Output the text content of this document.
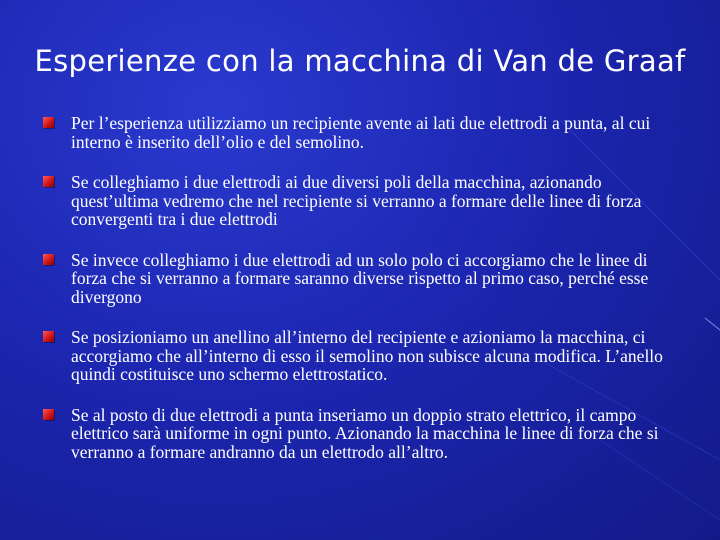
Esperienze con la macchina di Van de Graaf
Per l’esperienza utilizziamo un recipiente avente ai lati due elettrodi a punta, al cui interno è inserito dell’olio e del semolino.
Se colleghiamo i due elettrodi ai due diversi poli della macchina, azionando quest’ultima vedremo che nel recipiente si verranno a formare delle linee di forza convergenti tra i due elettrodi
Se invece colleghiamo i due elettrodi ad un solo polo ci accorgiamo che le linee di forza che si verranno a formare saranno diverse rispetto al primo caso, perché esse divergono
Se posizioniamo un anellino all’interno del recipiente e azioniamo la macchina, ci accorgiamo che all’interno di esso il semolino non subisce alcuna modifica. L’anello quindi costituisce uno schermo elettrostatico.
Se al posto di due elettrodi a punta inseriamo un doppio strato elettrico, il campo elettrico sarà uniforme in ogni punto. Azionando la macchina le linee di forza che si verranno a formare andranno da un elettrodo all’altro.
